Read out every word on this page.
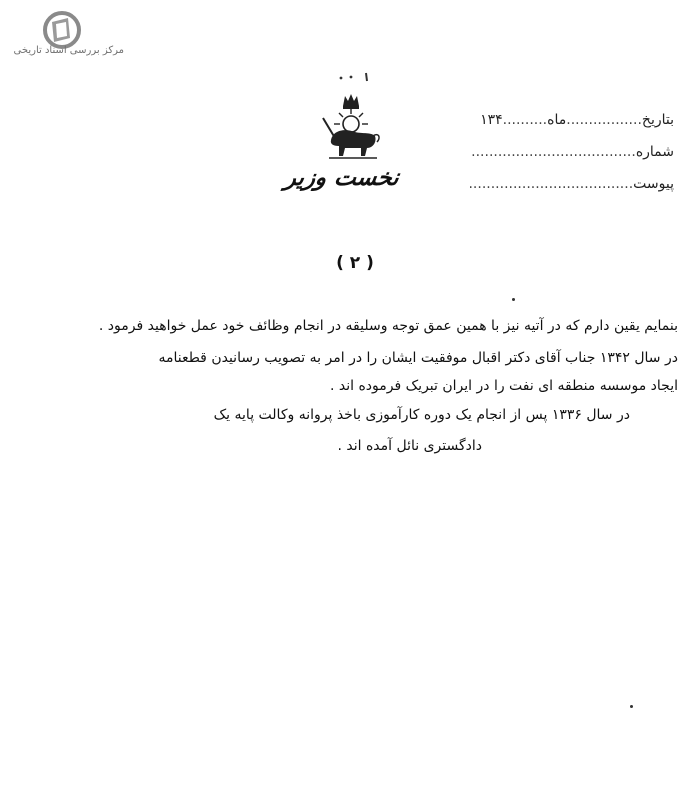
مرکز بررسی اسناد تاریخی
نخست وزیر
بتاریخ.................ماه..........۱۳۴
شماره.....................................
پیوست.....................................
( ۲ )
بنمایم یقین دارم که در آتیه نیز با همین عمق توجه وسلیقه در انجام وظائف خود عمل خواهید فرمود .
در سال ۱۳۴۲ جناب آقای دکتر اقبال موفقیت ایشان را در امر به تصویب رسانیدن قطعنامه
ایجاد موسسه منطقه ای نفت را در ایران تبریک فرموده اند .
در سال ۱۳۳۶ پس از انجام یک دوره کارآموزی باخذ پروانه وکالت پایه یک
دادگستری نائل آمده اند .
